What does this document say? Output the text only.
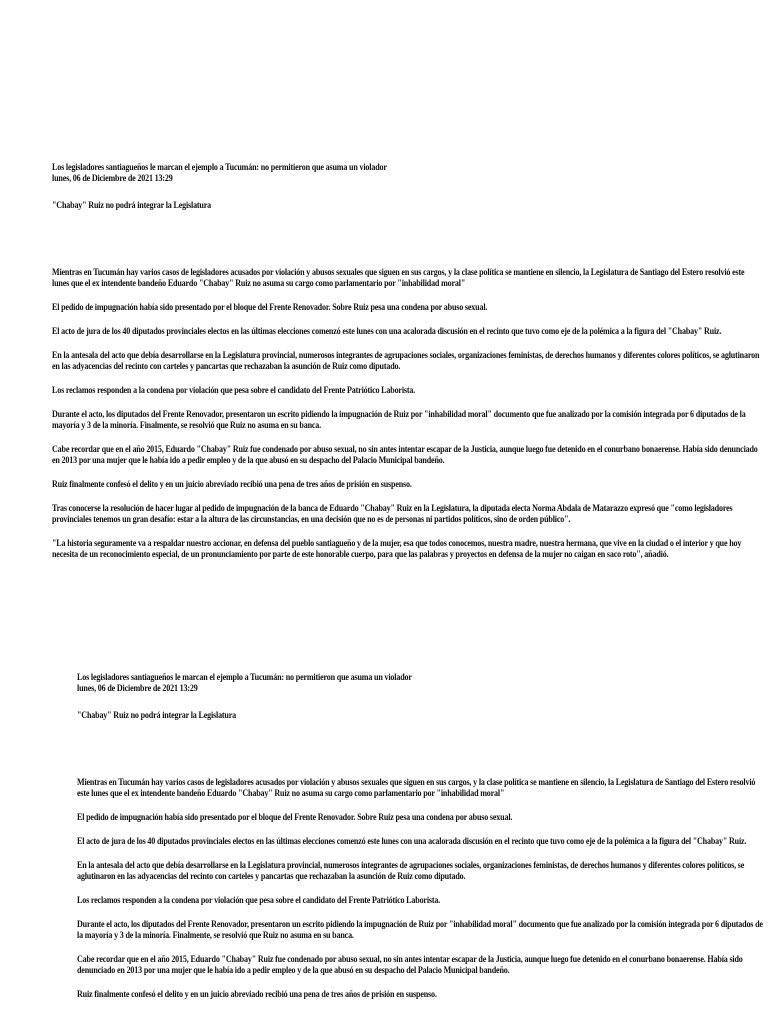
Los legisladores santiagueños le marcan el ejemplo a Tucumán: no permitieron que asuma un violador
lunes, 06 de Diciembre de 2021 13:29
"Chabay" Ruiz no podrá integrar la Legislatura

Mientras en Tucumán hay varios casos de legisladores acusados por violación y abusos sexuales que siguen en sus cargos, y la clase política se mantiene en silencio, la Legislatura de Santiago del Estero resolvió este lunes que el ex intendente bandeño Eduardo "Chabay" Ruiz no asuma su cargo como parlamentario por "inhabilidad moral"

El pedido de impugnación había sido presentado por el bloque del Frente Renovador. Sobre Ruiz pesa una condena por abuso sexual.

El acto de jura de los 40 diputados provinciales electos en las últimas elecciones comenzó este lunes con una acalorada discusión en el recinto que tuvo como eje de la polémica a la figura del "Chabay" Ruiz.

En la antesala del acto que debía desarrollarse en la Legislatura provincial, numerosos integrantes de agrupaciones sociales, organizaciones feministas, de derechos humanos y diferentes colores políticos, se aglutinaron en las adyacencias del recinto con carteles y pancartas que rechazaban la asunción de Ruiz como diputado.

Los reclamos responden a la condena por violación que pesa sobre el candidato del Frente Patriótico Laborista.

Durante el acto, los diputados del Frente Renovador, presentaron un escrito pidiendo la impugnación de Ruiz por "inhabilidad moral" documento que fue analizado por la comisión integrada por 6 diputados de la mayoría y 3 de la minoría. Finalmente, se resolvió que Ruiz no asuma en su banca.

Cabe recordar que en el año 2015, Eduardo "Chabay" Ruiz fue condenado por abuso sexual, no sin antes intentar escapar de la Justicia, aunque luego fue detenido en el conurbano bonaerense. Había sido denunciado en 2013 por una mujer que le había ido a pedir empleo y de la que abusó en su despacho del Palacio Municipal bandeño.

Ruiz finalmente confesó el delito y en un juicio abreviado recibió una pena de tres años de prisión en suspenso.

Tras conocerse la resolución de hacer lugar al pedido de impugnación de la banca de Eduardo "Chabay" Ruiz en la Legislatura, la diputada electa Norma Abdala de Matarazzo expresó que "como legisladores provinciales tenemos un gran desafío: estar a la altura de las circunstancias, en una decisión que no es de personas ni partidos políticos, sino de orden público".

"La historia seguramente va a respaldar nuestro accionar, en defensa del pueblo santiagueño y de la mujer, esa que todos conocemos, nuestra madre, nuestra hermana, que vive en la ciudad o el interior y que hoy necesita de un reconocimiento especial, de un pronunciamiento por parte de este honorable cuerpo, para que las palabras y proyectos en defensa de la mujer no caigan en saco roto", añadió.

Los legisladores santiagueños le marcan el ejemplo a Tucumán: no permitieron que asuma un violador
lunes, 06 de Diciembre de 2021 13:29
"Chabay" Ruiz no podrá integrar la Legislatura

Mientras en Tucumán hay varios casos de legisladores acusados por violación y abusos sexuales que siguen en sus cargos, y la clase política se mantiene en silencio, la Legislatura de Santiago del Estero resolvió este lunes que el ex intendente bandeño Eduardo "Chabay" Ruiz no asuma su cargo como parlamentario por "inhabilidad moral"

El pedido de impugnación había sido presentado por el bloque del Frente Renovador. Sobre Ruiz pesa una condena por abuso sexual.

El acto de jura de los 40 diputados provinciales electos en las últimas elecciones comenzó este lunes con una acalorada discusión en el recinto que tuvo como eje de la polémica a la figura del "Chabay" Ruiz.

En la antesala del acto que debía desarrollarse en la Legislatura provincial, numerosos integrantes de agrupaciones sociales, organizaciones feministas, de derechos humanos y diferentes colores políticos, se aglutinaron en las adyacencias del recinto con carteles y pancartas que rechazaban la asunción de Ruiz como diputado.

Los reclamos responden a la condena por violación que pesa sobre el candidato del Frente Patriótico Laborista.

Durante el acto, los diputados del Frente Renovador, presentaron un escrito pidiendo la impugnación de Ruiz por "inhabilidad moral" documento que fue analizado por la comisión integrada por 6 diputados de la mayoría y 3 de la minoría. Finalmente, se resolvió que Ruiz no asuma en su banca.

Cabe recordar que en el año 2015, Eduardo "Chabay" Ruiz fue condenado por abuso sexual, no sin antes intentar escapar de la Justicia, aunque luego fue detenido en el conurbano bonaerense. Había sido denunciado en 2013 por una mujer que le había ido a pedir empleo y de la que abusó en su despacho del Palacio Municipal bandeño.

Ruiz finalmente confesó el delito y en un juicio abreviado recibió una pena de tres años de prisión en suspenso.
